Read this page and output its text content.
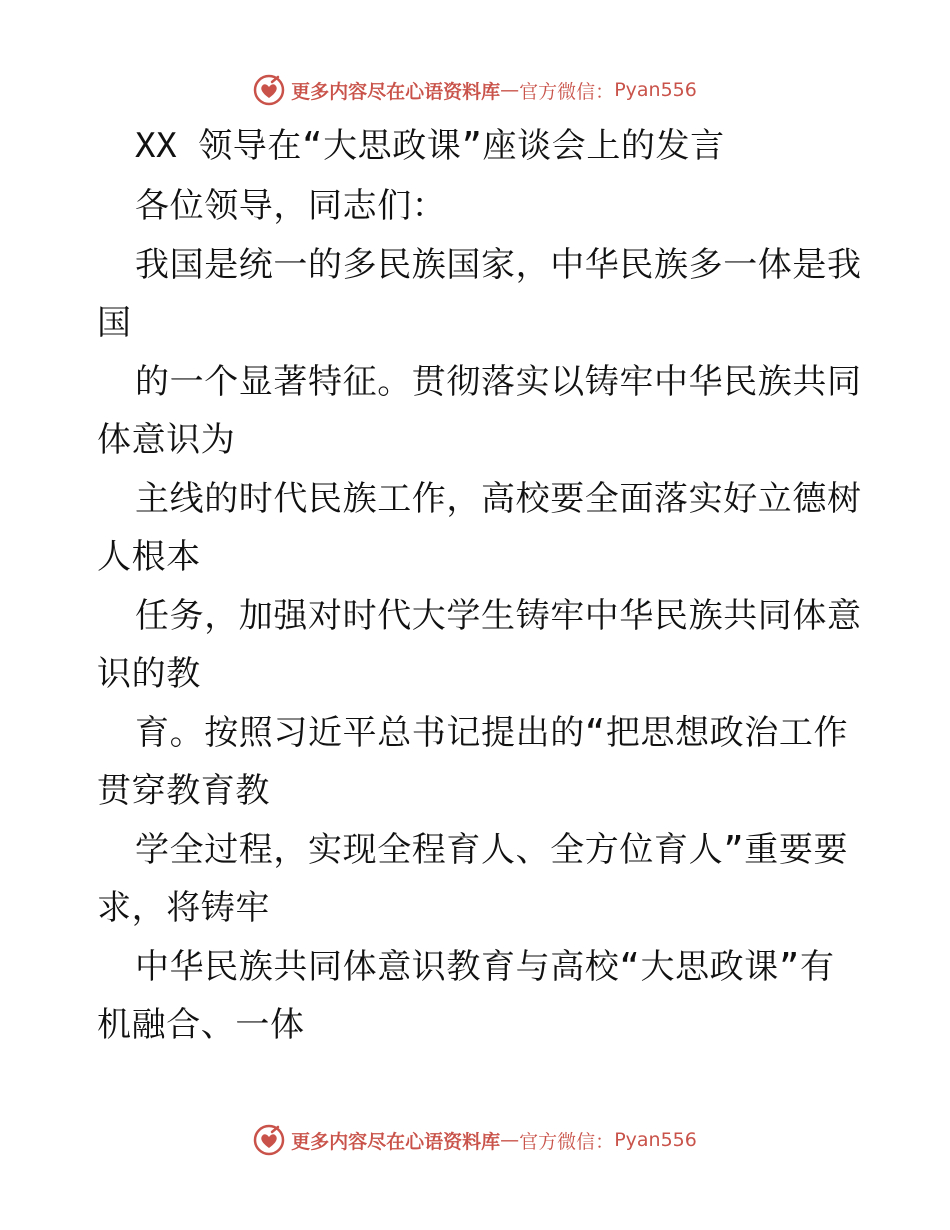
更多内容尽在心语资料库 — 官方微信： Pyan556
XX 领导在“大思政课”座谈会上的发言
各位领导，同志们：
我国是统一的多民族国家，中华民族多一体是我
国
的一个显著特征。贯彻落实以铸牢中华民族共同
体意识为
主线的时代民族工作，高校要全面落实好立德树
人根本
任务，加强对时代大学生铸牢中华民族共同体意
识的教
育。按照习近平总书记提出的“把思想政治工作
贯穿教育教
学全过程，实现全程育人、全方位育人”重要要
求，将铸牢
中华民族共同体意识教育与高校“大思政课”有
机融合、一体
更多内容尽在心语资料库 — 官方微信： Pyan556
